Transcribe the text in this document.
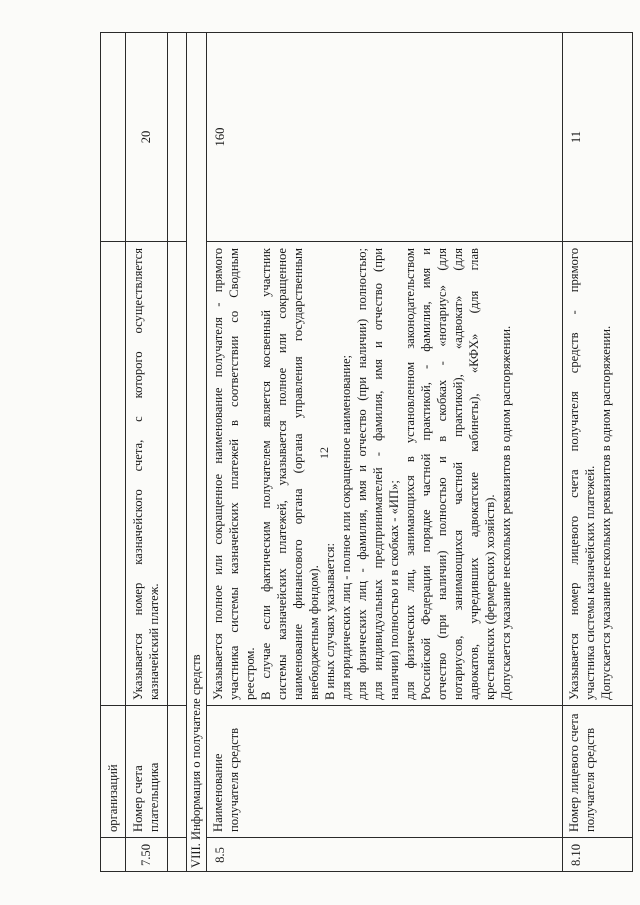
12
организаций
7.50
Номер счета плательщика
Указывается номер казначейского счета, с которого осуществляется казначейский платеж.
20
VIII. Информация о получателе средств 8.5
Наименование получателя средств
Указывается полное или сокращенное наименование получателя - прямого участника системы казначейских платежей в соответствии со Сводным реестром. В случае если фактическим получателем является косвенный участник системы казначейских платежей, указывается полное или сокращенное наименование финансового органа (органа управления государственным внебюджетным фондом). В иных случаях указывается: для юридических лиц - полное или сокращенное наименование; для физических лиц - фамилия, имя и отчество (при наличии) полностью; для индивидуальных предпринимателей - фамилия, имя и отчество (при наличии) полностью и в скобках - «ИП»; для физических лиц, занимающихся в установленном законодательством Российской Федерации порядке частной практикой, - фамилия, имя и отчество (при наличии) полностью и в скобках - «нотариус» (для нотариусов, занимающихся частной практикой), «адвокат» (для адвокатов, учредивших адвокатские кабинеты), «КФХ» (для глав крестьянских (фермерских) хозяйств). Допускается указание нескольких реквизитов в одном распоряжении.
160
8.10
Номер лицевого счета получателя средств
Указывается номер лицевого счета получателя средств - прямого участника системы казначейских платежей. Допускается указание нескольких реквизитов в одном распоряжении.
11
